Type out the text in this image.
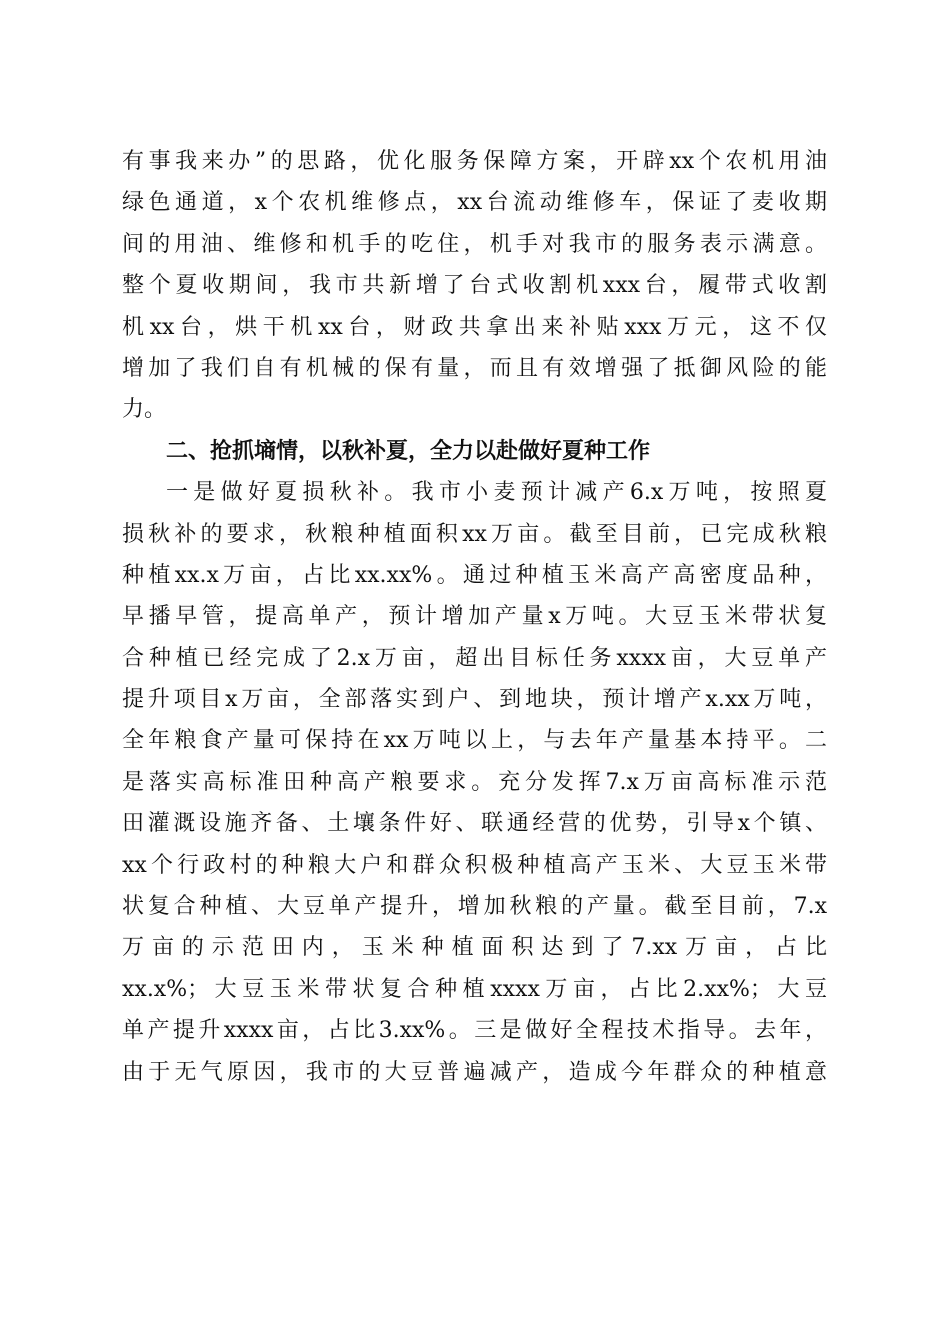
有事我来办”的思路，优化服务保障方案，开辟xx个农机用油
绿色通道，x个农机维修点，xx台流动维修车，保证了麦收期
间的用油、维修和机手的吃住，机手对我市的服务表示满意。
整个夏收期间，我市共新增了台式收割机xxx台，履带式收割
机xx台，烘干机xx台，财政共拿出来补贴xxx万元，这不仅
增加了我们自有机械的保有量，而且有效增强了抵御风险的能
力。
二、抢抓墒情，以秋补夏，全力以赴做好夏种工作
一是做好夏损秋补。我市小麦预计减产6.x万吨，按照夏
损秋补的要求，秋粮种植面积xx万亩。截至目前，已完成秋粮
种植xx.x万亩，占比xx.xx%。通过种植玉米高产高密度品种，
早播早管，提高单产，预计增加产量x万吨。大豆玉米带状复
合种植已经完成了2.x万亩，超出目标任务xxxx亩，大豆单产
提升项目x万亩，全部落实到户、到地块，预计增产x.xx万吨，
全年粮食产量可保持在xx万吨以上，与去年产量基本持平。二
是落实高标准田种高产粮要求。充分发挥7.x万亩高标准示范
田灌溉设施齐备、土壤条件好、联通经营的优势，引导x个镇、
xx个行政村的种粮大户和群众积极种植高产玉米、大豆玉米带
状复合种植、大豆单产提升，增加秋粮的产量。截至目前，7.x
万亩的示范田内，玉米种植面积达到了7.xx万亩，占比
xx.x%；大豆玉米带状复合种植xxxx万亩，占比2.xx%；大豆
单产提升xxxx亩，占比3.xx%。三是做好全程技术指导。去年，
由于无气原因，我市的大豆普遍减产，造成今年群众的种植意
